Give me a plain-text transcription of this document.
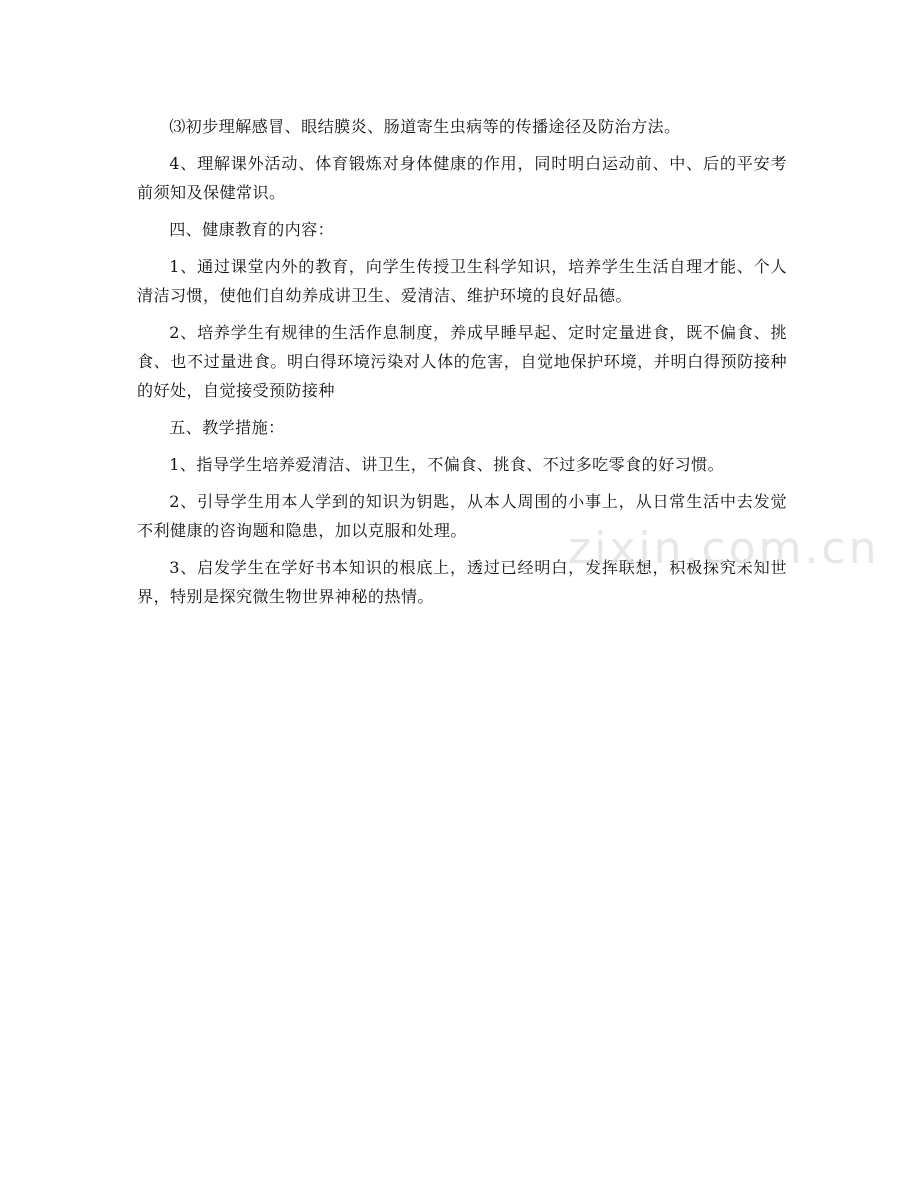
⑶初步理解感冒、眼结膜炎、肠道寄生虫病等的传播途径及防治方法。

4、理解课外活动、体育锻炼对身体健康的作用，同时明白运动前、中、后的平安考前须知及保健常识。

四、健康教育的内容：

1、通过课堂内外的教育，向学生传授卫生科学知识，培养学生生活自理才能、个人清洁习惯，使他们自幼养成讲卫生、爱清洁、维护环境的良好品德。

2、培养学生有规律的生活作息制度，养成早睡早起、定时定量进食，既不偏食、挑食、也不过量进食。明白得环境污染对人体的危害，自觉地保护环境，并明白得预防接种的好处，自觉接受预防接种

五、教学措施：

1、指导学生培养爱清洁、讲卫生，不偏食、挑食、不过多吃零食的好习惯。

2、引导学生用本人学到的知识为钥匙，从本人周围的小事上，从日常生活中去发觉不利健康的咨询题和隐患，加以克服和处理。

3、启发学生在学好书本知识的根底上，透过已经明白，发挥联想，积极探究未知世界，特别是探究微生物世界神秘的热情。

zixin.com.cn
